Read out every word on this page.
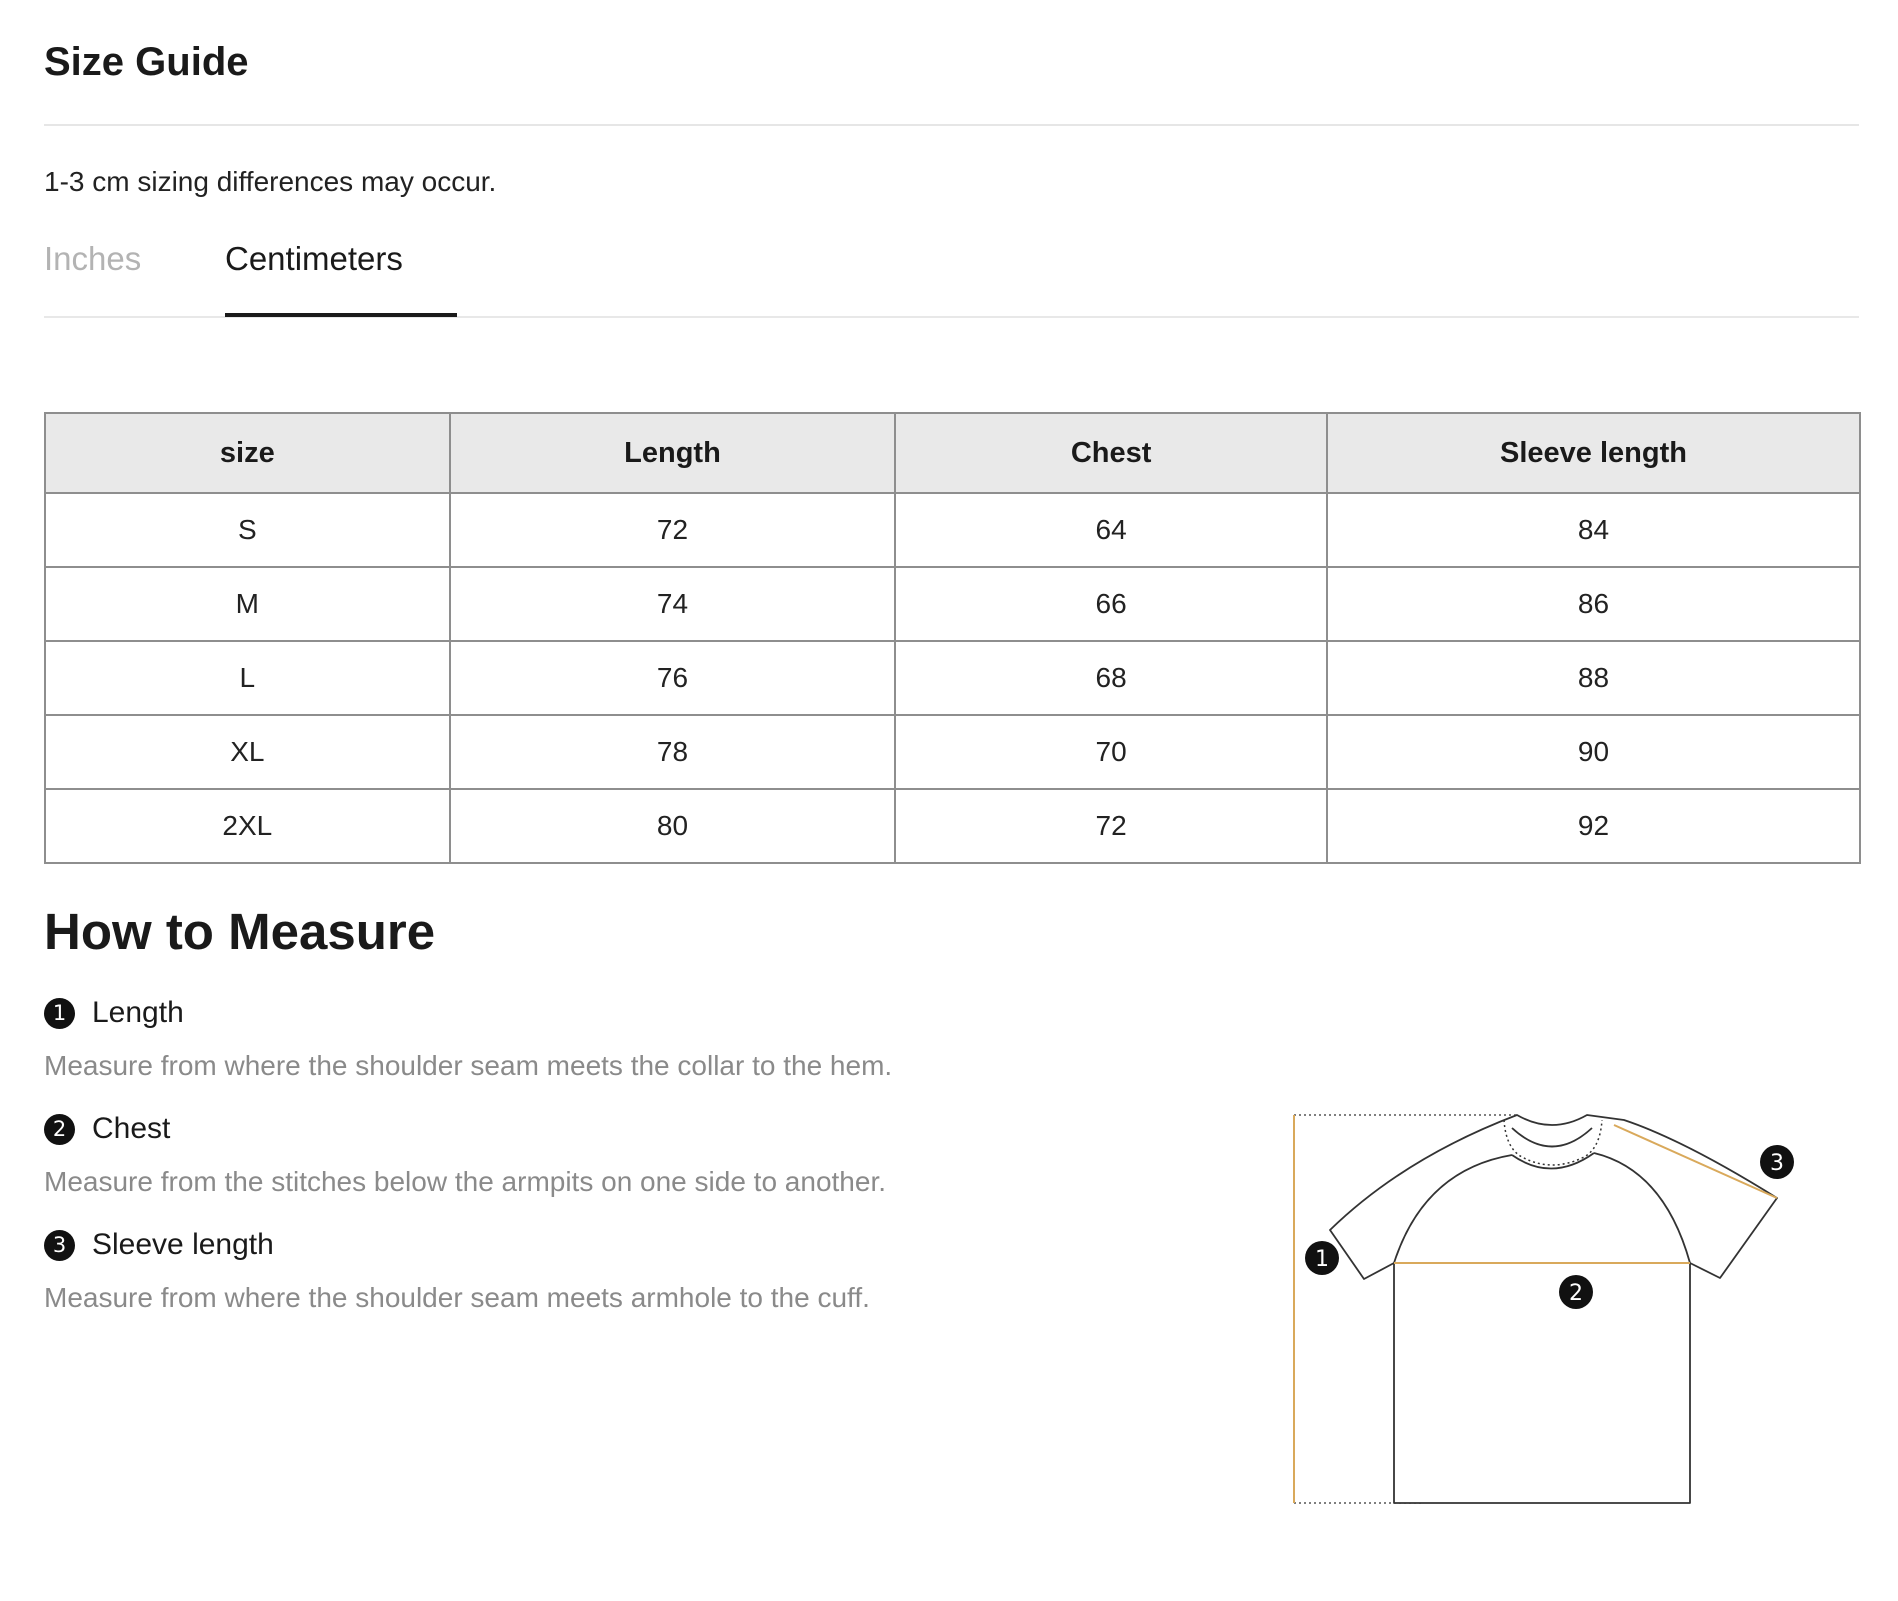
Size Guide
1-3 cm sizing differences may occur.
Inches	Centimeters
size	Length	Chest	Sleeve length
S	72	64	84
M	74	66	86
L	76	68	88
XL	78	70	90
2XL	80	72	92
How to Measure
1 Length
Measure from where the shoulder seam meets the collar to the hem.
2 Chest
Measure from the stitches below the armpits on one side to another.
3 Sleeve length
Measure from where the shoulder seam meets armhole to the cuff.
1
2
3
